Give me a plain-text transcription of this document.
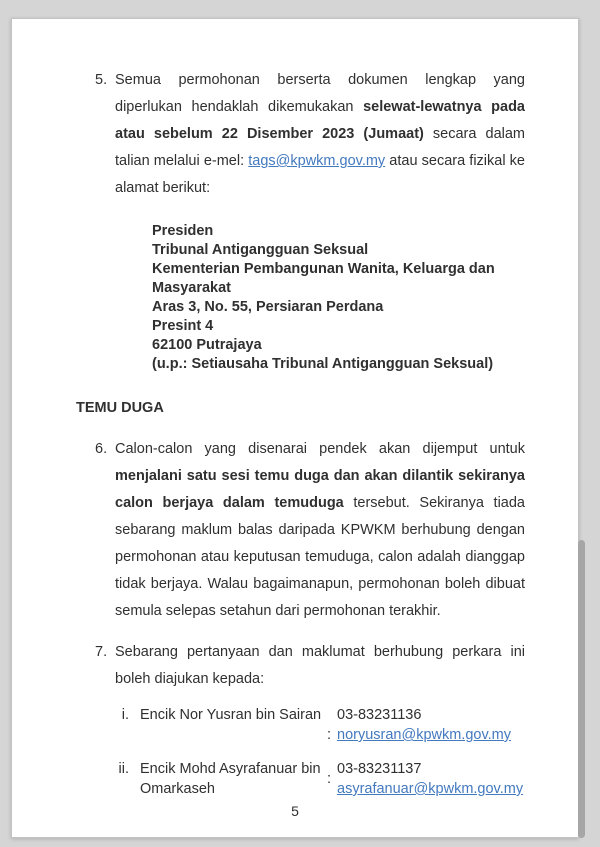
5. Semua permohonan berserta dokumen lengkap yang diperlukan hendaklah dikemukakan selewat-lewatnya pada atau sebelum 22 Disember 2023 (Jumaat) secara dalam talian melalui e-mel: tags@kpwkm.gov.my atau secara fizikal ke alamat berikut:
Presiden
Tribunal Antigangguan Seksual
Kementerian Pembangunan Wanita, Keluarga dan
Masyarakat
Aras 3, No. 55, Persiaran Perdana
Presint 4
62100 Putrajaya
(u.p.: Setiausaha Tribunal Antigangguan Seksual)
TEMU DUGA
6. Calon-calon yang disenarai pendek akan dijemput untuk menjalani satu sesi temu duga dan akan dilantik sekiranya calon berjaya dalam temuduga tersebut. Sekiranya tiada sebarang maklum balas daripada KPWKM berhubung dengan permohonan atau keputusan temuduga, calon adalah dianggap tidak berjaya. Walau bagaimanapun, permohonan boleh dibuat semula selepas setahun dari permohonan terakhir.
7. Sebarang pertanyaan dan maklumat berhubung perkara ini boleh diajukan kepada:
i. Encik Nor Yusran bin Sairan
:
03-83231136
noryusran@kpwkm.gov.my
ii. Encik Mohd Asyrafanuar bin Omarkaseh
:
03-83231137
asyrafanuar@kpwkm.gov.my
5
